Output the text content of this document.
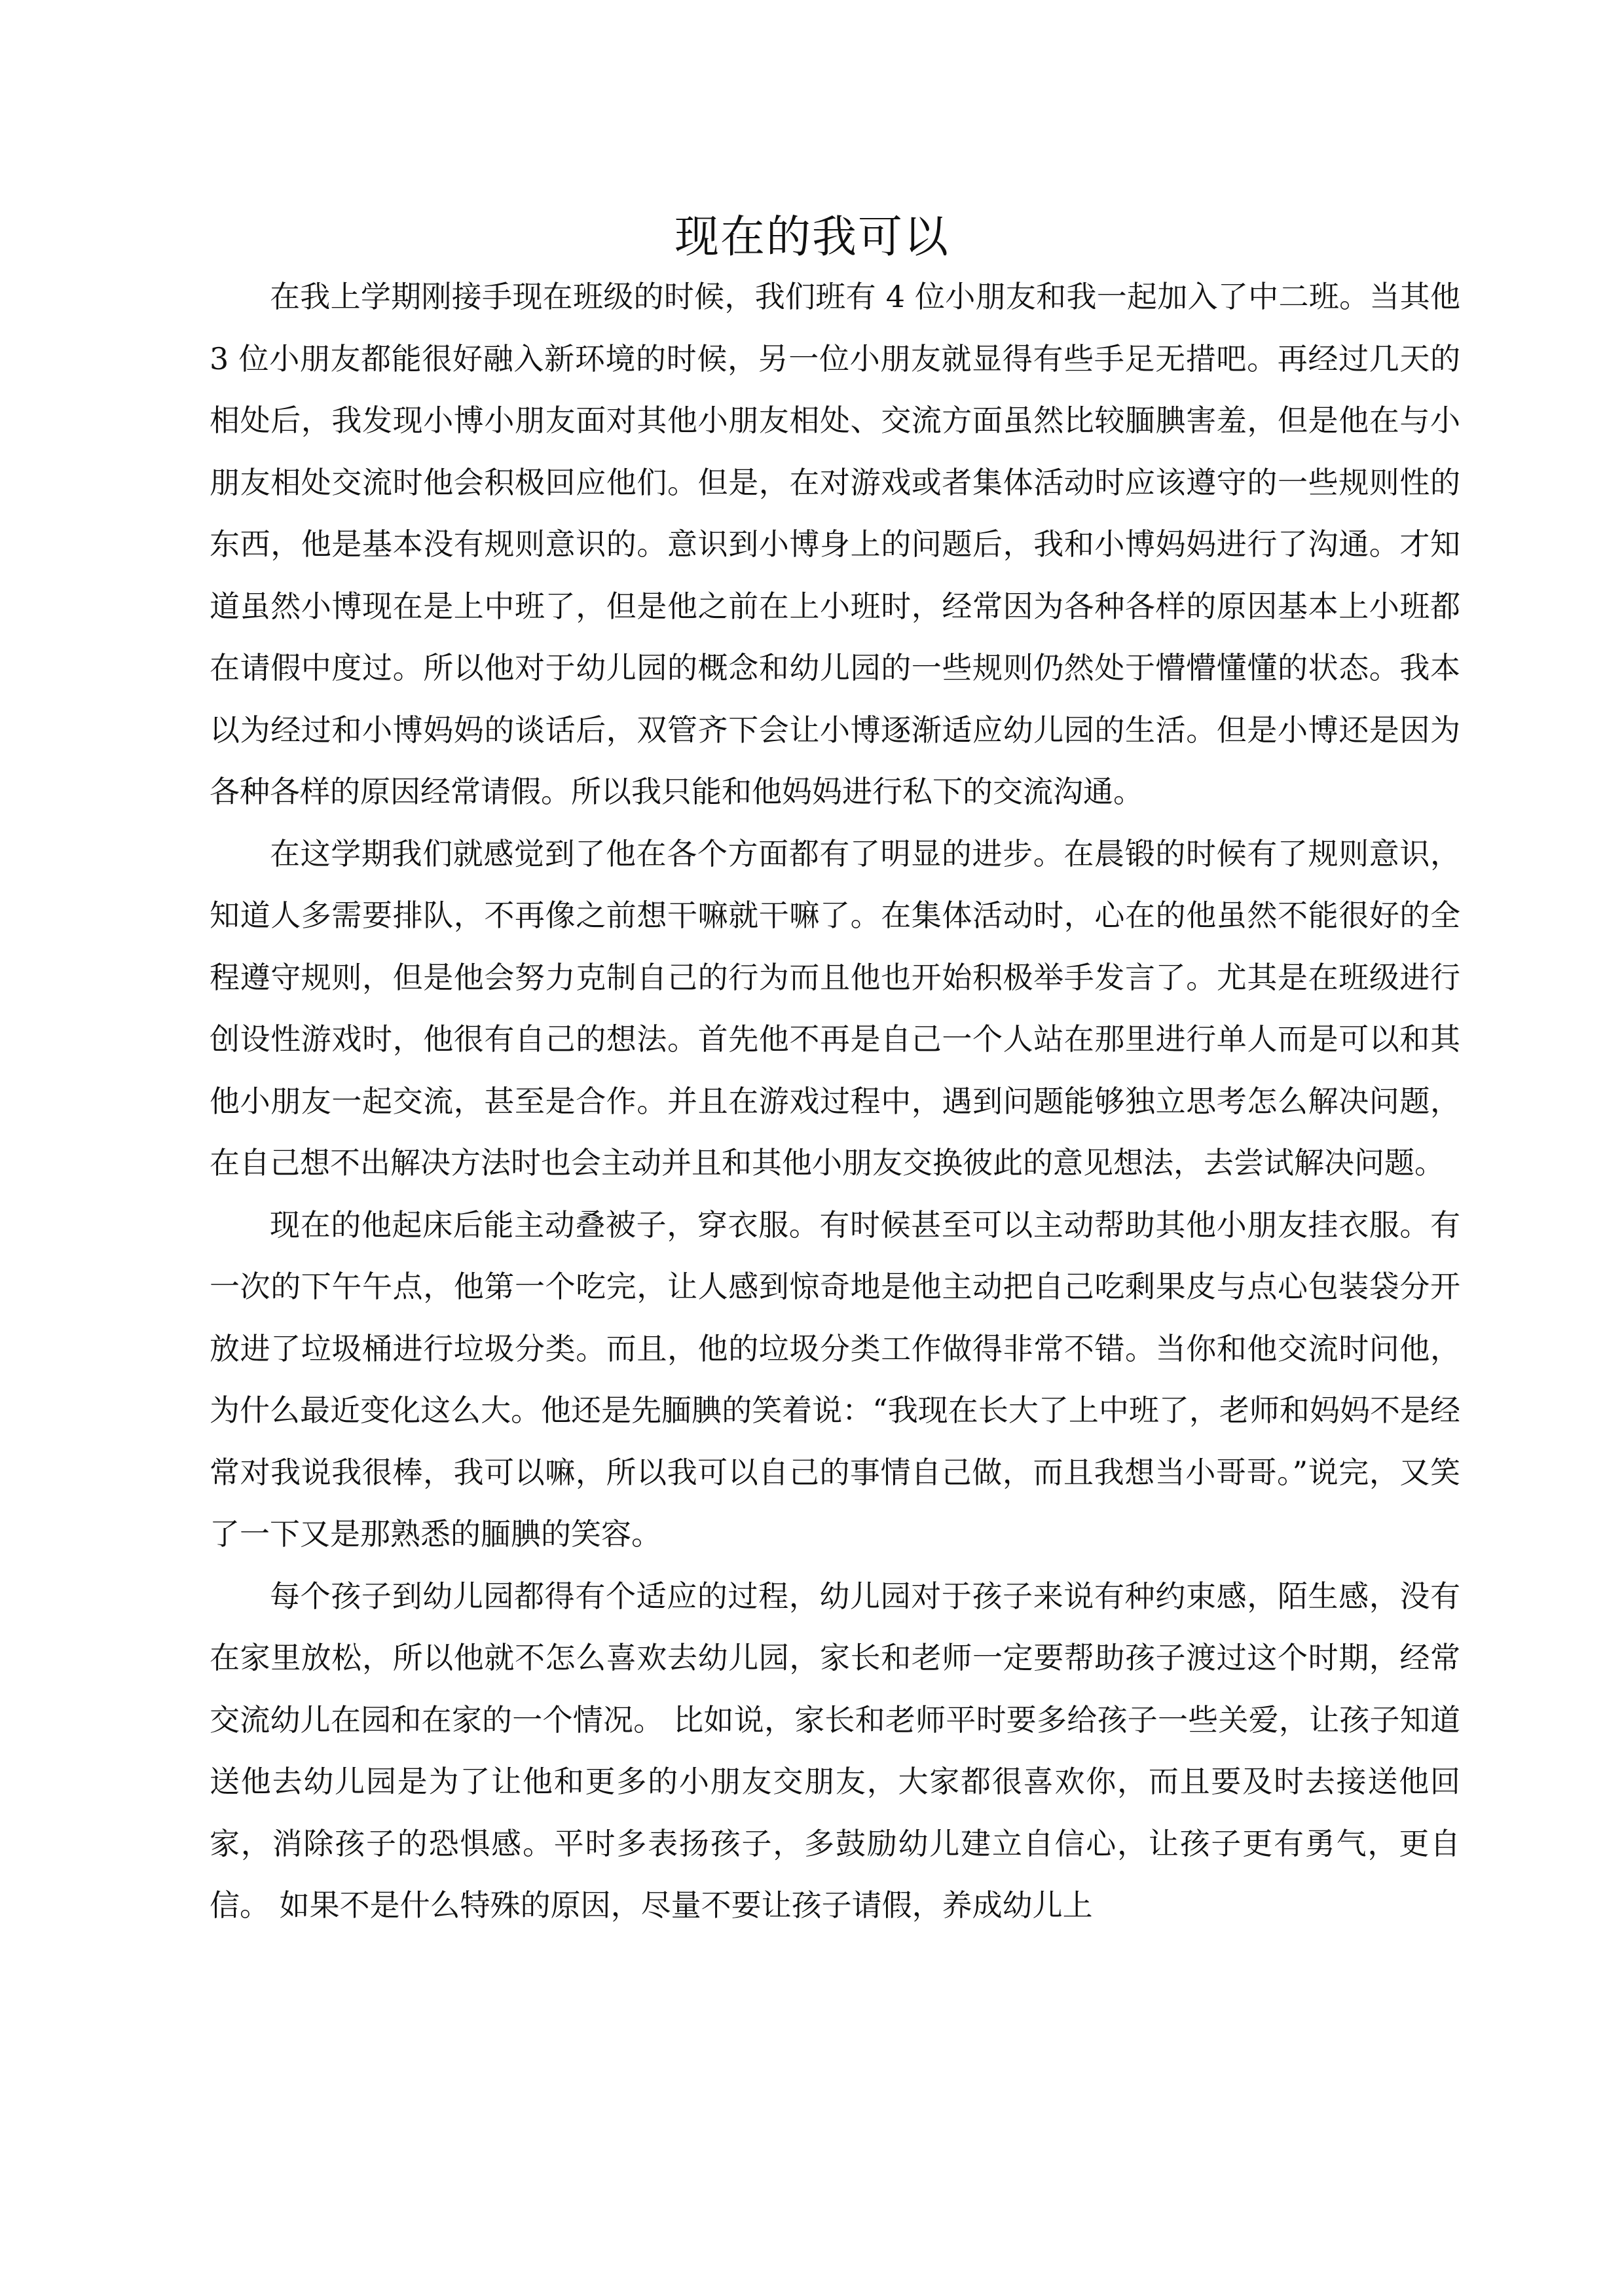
现在的我可以

在我上学期刚接手现在班级的时候，我们班有 4 位小朋友和我一起加入了中二班。当其他 3 位小朋友都能很好融入新环境的时候，另一位小朋友就显得有些手足无措吧。再经过几天的相处后，我发现小博小朋友面对其他小朋友相处、交流方面虽然比较腼腆害羞，但是他在与小朋友相处交流时他会积极回应他们。但是，在对游戏或者集体活动时应该遵守的一些规则性的东西，他是基本没有规则意识的。意识到小博身上的问题后，我和小博妈妈进行了沟通。才知道虽然小博现在是上中班了，但是他之前在上小班时，经常因为各种各样的原因基本上小班都在请假中度过。所以他对于幼儿园的概念和幼儿园的一些规则仍然处于懵懵懂懂的状态。我本以为经过和小博妈妈的谈话后，双管齐下会让小博逐渐适应幼儿园的生活。但是小博还是因为各种各样的原因经常请假。所以我只能和他妈妈进行私下的交流沟通。

在这学期我们就感觉到了他在各个方面都有了明显的进步。在晨锻的时候有了规则意识，知道人多需要排队，不再像之前想干嘛就干嘛了。在集体活动时，心在的他虽然不能很好的全程遵守规则，但是他会努力克制自己的行为而且他也开始积极举手发言了。尤其是在班级进行创设性游戏时，他很有自己的想法。首先他不再是自己一个人站在那里进行单人而是可以和其他小朋友一起交流，甚至是合作。并且在游戏过程中，遇到问题能够独立思考怎么解决问题，在自己想不出解决方法时也会主动并且和其他小朋友交换彼此的意见想法，去尝试解决问题。

现在的他起床后能主动叠被子，穿衣服。有时候甚至可以主动帮助其他小朋友挂衣服。有一次的下午午点，他第一个吃完，让人感到惊奇地是他主动把自己吃剩果皮与点心包装袋分开放进了垃圾桶进行垃圾分类。而且，他的垃圾分类工作做得非常不错。当你和他交流时问他，为什么最近变化这么大。他还是先腼腆的笑着说：“我现在长大了上中班了，老师和妈妈不是经常对我说我很棒，我可以嘛，所以我可以自己的事情自己做，而且我想当小哥哥。”说完，又笑了一下又是那熟悉的腼腆的笑容。

每个孩子到幼儿园都得有个适应的过程，幼儿园对于孩子来说有种约束感，陌生感，没有在家里放松，所以他就不怎么喜欢去幼儿园，家长和老师一定要帮助孩子渡过这个时期，经常交流幼儿在园和在家的一个情况。 比如说，家长和老师平时要多给孩子一些关爱，让孩子知道送他去幼儿园是为了让他和更多的小朋友交朋友，大家都很喜欢你，而且要及时去接送他回家，消除孩子的恐惧感。平时多表扬孩子，多鼓励幼儿建立自信心，让孩子更有勇气，更自信。 如果不是什么特殊的原因，尽量不要让孩子请假，养成幼儿上
